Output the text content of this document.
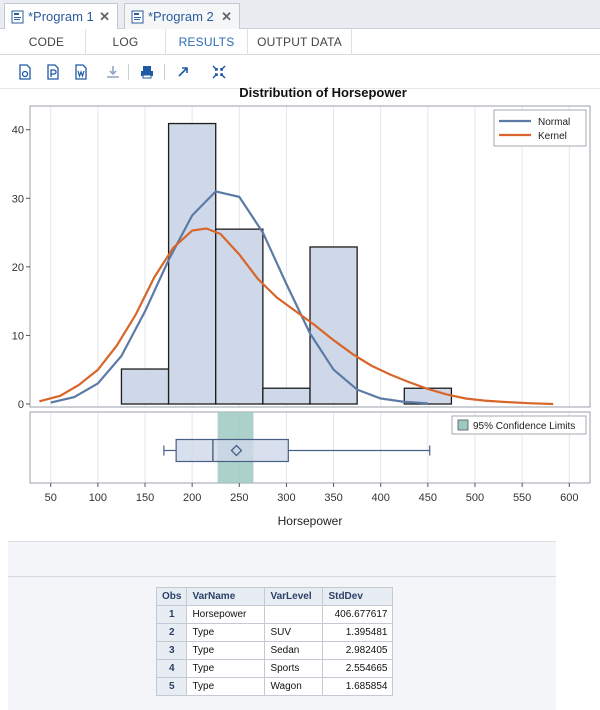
*Program 1 ✕	*Program 2 ✕
CODE	LOG	RESULTS	OUTPUT DATA
Distribution of Horsepower
0
10
20
30
40
50	100	150	200	250	300	350	400	450	500	550	600
Normal
Kernel
95% Confidence Limits
Horsepower
Obs	VarName	VarLevel	StdDev
1	Horsepower		406.677617
2	Type	SUV	1.395481
3	Type	Sedan	2.982405
4	Type	Sports	2.554665
5	Type	Wagon	1.685854
